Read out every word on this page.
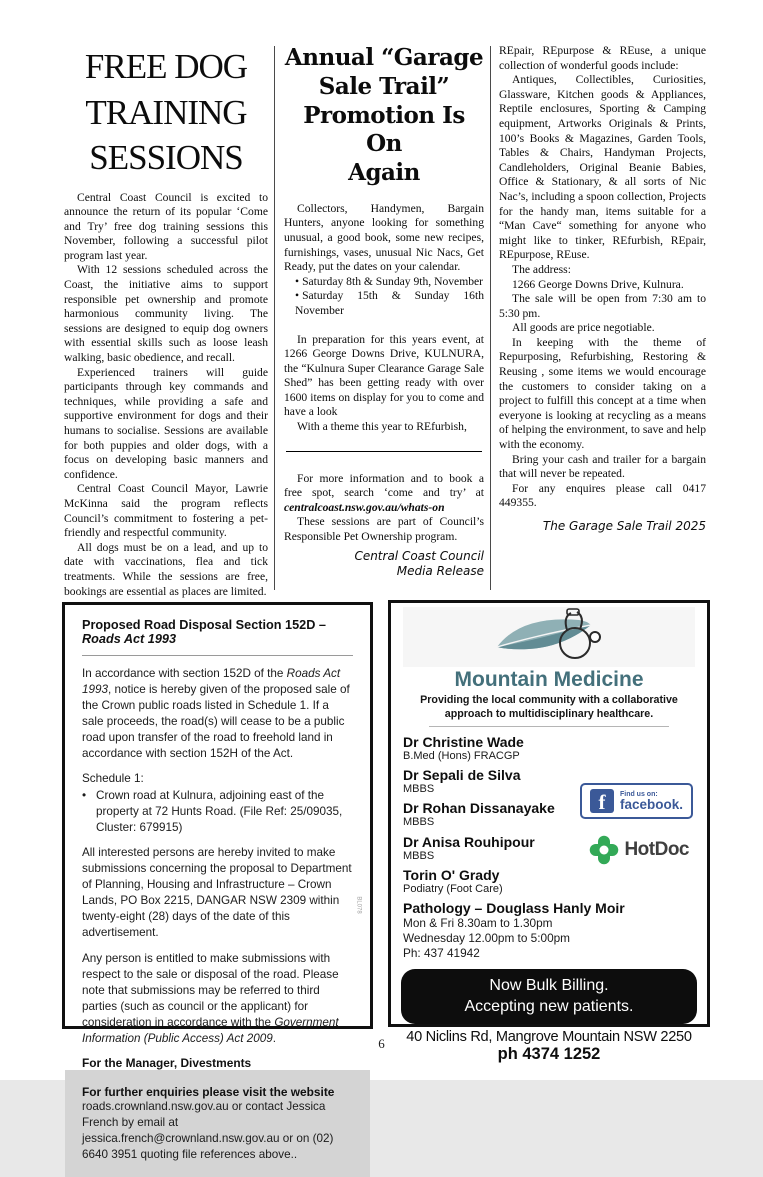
FREE DOG
TRAINING
SESSIONS

Central Coast Council is excited to announce the return of its popular ‘Come and Try’ free dog training sessions this November, following a successful pilot program last year.

With 12 sessions scheduled across the Coast, the initiative aims to support responsible pet ownership and promote harmonious community living. The sessions are designed to equip dog owners with essential skills such as loose leash walking, basic obedience, and recall.

Experienced trainers will guide participants through key commands and techniques, while providing a safe and supportive environment for dogs and their humans to socialise. Sessions are available for both puppies and older dogs, with a focus on developing basic manners and confidence.

Central Coast Council Mayor, Lawrie McKinna said the program reflects Council’s commitment to fostering a pet-friendly and respectful community.

All dogs must be on a lead, and up to date with vaccinations, flea and tick treatments. While the sessions are free, bookings are essential as places are limited.

Annual “Garage
Sale Trail”
Promotion Is On
Again

Collectors, Handymen, Bargain Hunters, anyone looking for something unusual, a good book, some new recipes, furnishings, vases, unusual Nic Nacs, Get Ready, put the dates on your calendar.

• Saturday 8th & Sunday 9th, November

• Saturday 15th & Sunday 16th November

In preparation for this years event, at 1266 George Downs Drive, KULNURA, the “Kulnura Super Clearance Garage Sale Shed” has been getting ready with over 1600 items on display for you to come and have a look

With a theme this year to REfurbish,

For more information and to book a free spot, search ‘come and try’ at centralcoast.nsw.gov.au/whats-on

These sessions are part of Council’s Responsible Pet Ownership program.

Central Coast Council
Media Release

REpair, REpurpose & REuse, a unique collection of wonderful goods include:

Antiques, Collectibles, Curiosities, Glassware, Kitchen goods & Appliances, Reptile enclosures, Sporting & Camping equipment, Artworks Originals & Prints, 100’s Books & Magazines, Garden Tools, Tables & Chairs, Handyman Projects, Candleholders, Original Beanie Babies, Office & Stationary, & all sorts of Nic Nac’s, including a spoon collection, Projects for the handy man, items suitable for a “Man Cave“ something for anyone who might like to tinker, REfurbish, REpair, REpurpose, REuse.

The address:

1266 George Downs Drive, Kulnura.

The sale will be open from 7:30 am to 5:30 pm.

All goods are price negotiable.

In keeping with the theme of Repurposing, Refurbishing, Restoring & Reusing , some items we would encourage the customers to consider taking on a project to fulfill this concept at a time when everyone is looking at recycling as a means of helping the environment, to save and help with the economy.

Bring your cash and trailer for a bargain that will never be repeated.

For any enquires please call 0417 449355.

The Garage Sale Trail 2025
Proposed Road Disposal Section 152D – Roads Act 1993

In accordance with section 152D of the Roads Act 1993, notice is hereby given of the proposed sale of the Crown public roads listed in Schedule 1. If a sale proceeds, the road(s) will cease to be a public road upon transfer of the road to freehold land in accordance with section 152H of the Act.

Schedule 1:

• Crown road at Kulnura, adjoining east of the property at 72 Hunts Road. (File Ref: 25/09035, Cluster: 679915)

All interested persons are hereby invited to make submissions concerning the proposal to Department of Planning, Housing and Infrastructure – Crown Lands, PO Box 2215, DANGAR NSW 2309 within twenty-eight (28) days of the date of this advertisement.

Any person is entitled to make submissions with respect to the sale or disposal of the road. Please note that submissions may be referred to third parties (such as council or the applicant) for consideration in accordance with the Government Information (Public Access) Act 2009.

For the Manager, Divestments

BL078
For further enquiries please visit the website
roads.crownland.nsw.gov.au or contact Jessica French by email at jessica.french@crownland.nsw.gov.au or on (02) 6640 3951 quoting file references above..
Mountain Medicine
Providing the local community with a collaborative
approach to multidisciplinary healthcare.
Dr Christine Wade
B.Med (Hons) FRACGP
Dr Sepali de Silva
MBBS
Dr Rohan Dissanayake
MBBS
Dr Anisa Rouhipour
MBBS
Torin O' Grady
Podiatry (Foot Care)
Pathology – Douglass Hanly Moir
Mon & Fri 8.30am to 1.30pm
Wednesday 12.00pm to 5:00pm
Ph: 437 41942
f Find us on:
facebook.
HotDoc
Now Bulk Billing.
Accepting new patients.
40 Niclins Rd, Mangrove Mountain NSW 2250
ph 4374 1252
6
